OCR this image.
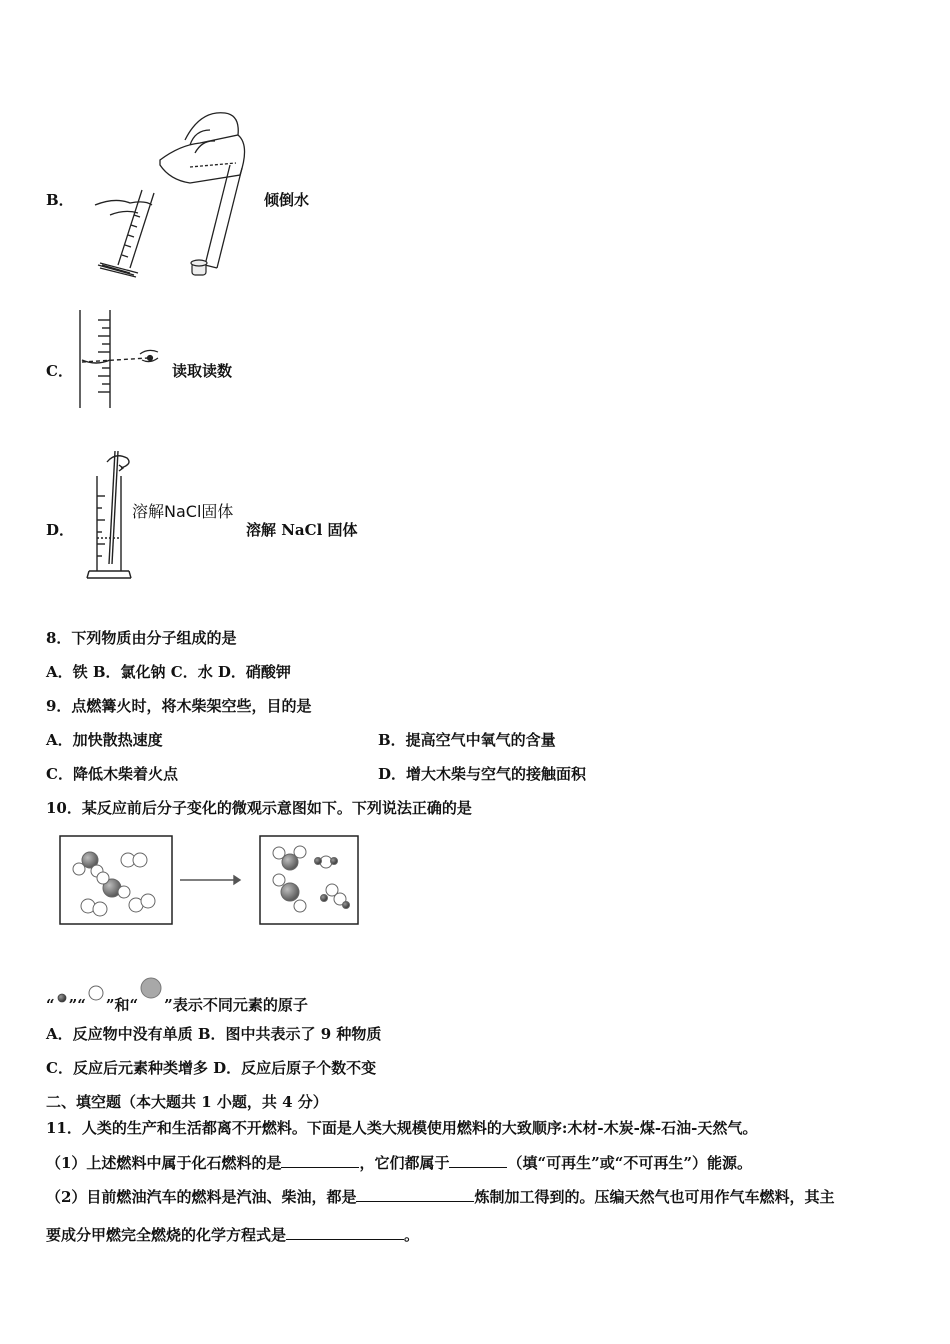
B．	倾倒水
C．	读取读数
D．
溶解NaCl固体
溶解 NaCl 固体
8．下列物质由分子组成的是
A．铁 B．氯化钠 C．水 D．硝酸钾
9．点燃篝火时，将木柴架空些，目的是
A．加快散热速度	B．提高空气中氧气的含量
C．降低木柴着火点	D．增大木柴与空气的接触面积
10．某反应前后分子变化的微观示意图如下。下列说法正确的是
“ ”“ ”和“ ”表示不同元素的原子
A．反应物中没有单质 B．图中共表示了 9 种物质
C．反应后元素种类增多 D．反应后原子个数不变
二、填空题（本大题共 1 小题，共 4 分）
11．人类的生产和生活都离不开燃料。下面是人类大规模使用燃料的大致顺序:木材-木炭-煤-石油-天然气。
（1）上述燃料中属于化石燃料的是	，它们都属于	（填“可再生”或“不可再生”）能源。
（2）目前燃油汽车的燃料是汽油、柴油，都是	炼制加工得到的。压编天然气也可用作气车燃料，其主
要成分甲燃完全燃烧的化学方程式是	。
